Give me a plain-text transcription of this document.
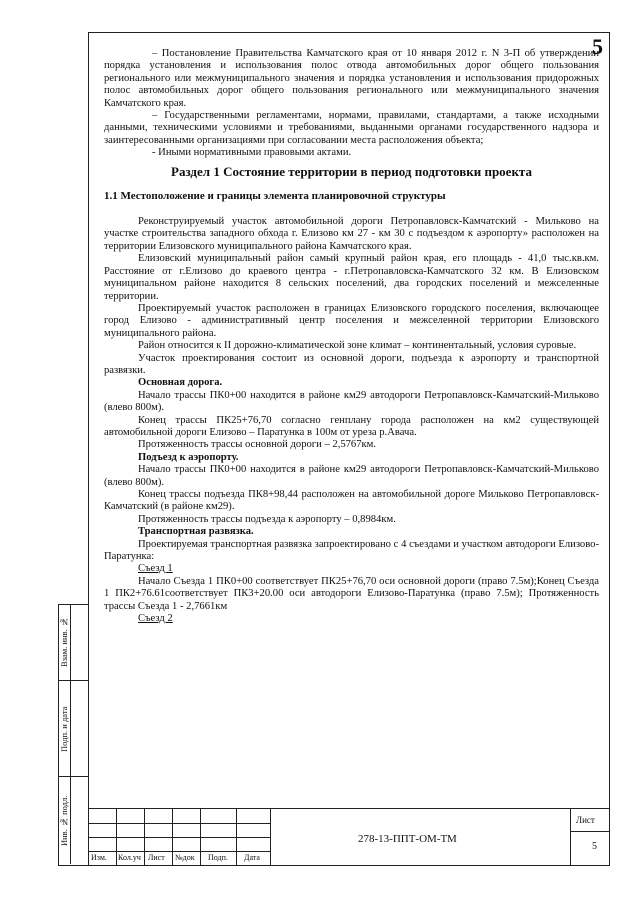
5

– Постановление Правительства Камчатского края от 10 января 2012 г. N 3-П об утверждении порядка установления и использования полос отвода автомобильных дорог общего пользования регионального или межмуниципального значения и порядка установления и использования придорожных полос автомобильных дорог общего пользования регионального или межмуниципального значения Камчатского края.

– Государственными регламентами, нормами, правилами, стандартами, а также исходными данными, техническими условиями и требованиями, выданными органами государственного надзора и заинтересованными организациями при согласовании места расположения объекта;

- Иными нормативными правовыми актами.

Раздел 1 Состояние территории в период подготовки проекта

1.1 Местоположение и границы элемента планировочной структуры

Реконструируемый участок автомобильной дороги Петропавловск-Камчатский - Мильково на участке строительства западного обхода г. Елизово км 27 - км 30 с подъездом к аэропорту» расположен на территории Елизовского муниципального района Камчатского края.

Елизовский муниципальный район самый крупный район края, его площадь - 41,0 тыс.кв.км. Расстояние от г.Елизово до краевого центра - г.Петропавловска-Камчатского 32 км. В Елизовском муниципальном районе находится 8 сельских поселений, два городских поселений и межселенные территории.

Проектируемый участок расположен в границах Елизовского городского поселения, включающее город Елизово - административный центр поселения и межселенной территории Елизовского муниципального района.

Район относится к II дорожно-климатической зоне климат – континентальный, условия суровые.

Участок проектирования состоит из основной дороги, подъезда к аэропорту и транспортной развязки.

Основная дорога.

Начало трассы ПК0+00 находится в районе км29 автодороги Петропавловск-Камчатский-Мильково (влево 800м).

Конец трассы ПК25+76,70 согласно генплану города расположен на км2 существующей автомобильной дороги Елизово – Паратунка в 100м от уреза р.Авача.

Протяженность трассы основной дороги – 2,5767км.

Подъезд к аэропорту.

Начало трассы ПК0+00 находится в районе км29 автодороги Петропавловск-Камчатский-Мильково (влево 800м).

Конец трассы подъезда ПК8+98,44 расположен на автомобильной дороге Мильково Петропавловск-Камчатский (в районе км29).

Протяженность трассы подъезда к аэропорту – 0,8984км.

Транспортная развязка.

Проектируемая транспортная развязка запроектировано с 4 съездами и участком автодороги Елизово-Паратунка:

Съезд 1

Начало Съезда 1 ПК0+00 соответствует ПК25+76,70 оси основной дороги (право 7.5м);Конец Съезда 1 ПК2+76.61соответствует ПК3+20.00 оси автодороги Елизово-Паратунка (право 7.5м); Протяженность трассы Съезда 1 - 2,7661км

Съезд 2

Взам. инв. №
Подп. и дата
Инв. № подл.
Изм. Кол.уч Лист №док Подп. Дата
278-13-ППТ-ОМ-ТМ
Лист
5
